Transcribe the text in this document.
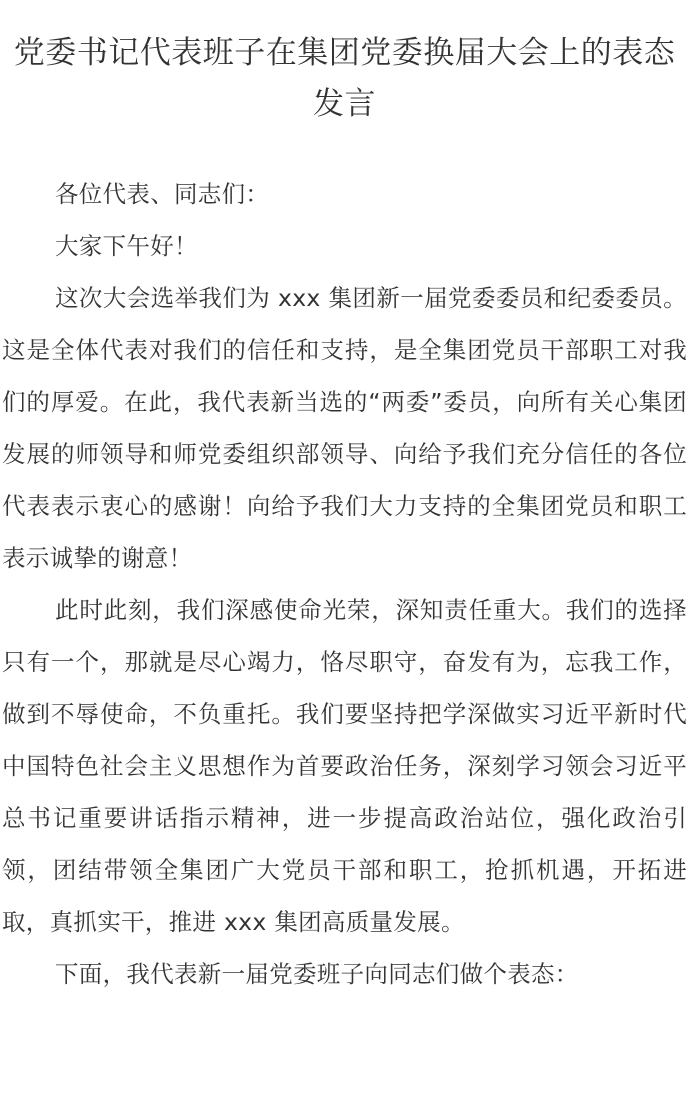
党委书记代表班子在集团党委换届大会上的表态发言

各位代表、同志们：

大家下午好！

这次大会选举我们为 xxx 集团新一届党委委员和纪委委员。这是全体代表对我们的信任和支持，是全集团党员干部职工对我们的厚爱。在此，我代表新当选的“两委”委员，向所有关心集团发展的师领导和师党委组织部领导、向给予我们充分信任的各位代表表示衷心的感谢！向给予我们大力支持的全集团党员和职工表示诚挚的谢意！

此时此刻，我们深感使命光荣，深知责任重大。我们的选择只有一个，那就是尽心竭力，恪尽职守，奋发有为，忘我工作，做到不辱使命，不负重托。我们要坚持把学深做实习近平新时代中国特色社会主义思想作为首要政治任务，深刻学习领会习近平总书记重要讲话指示精神，进一步提高政治站位，强化政治引领，团结带领全集团广大党员干部和职工，抢抓机遇，开拓进取，真抓实干，推进 xxx 集团高质量发展。

下面，我代表新一届党委班子向同志们做个表态：
